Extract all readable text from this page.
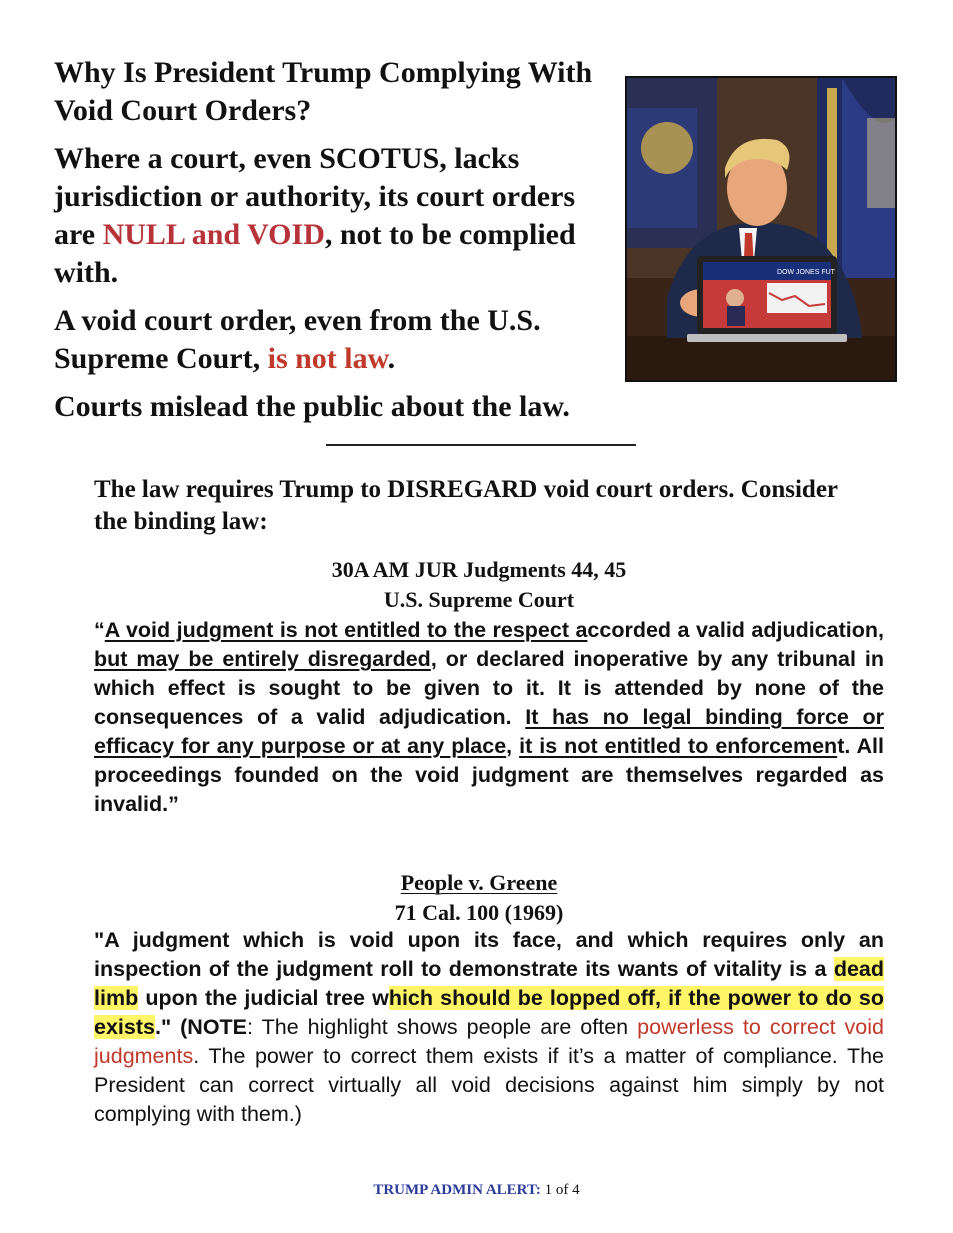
Why Is President Trump Complying With Void Court Orders?

Where a court, even SCOTUS, lacks jurisdiction or authority, its court orders are NULL and VOID, not to be complied with.

A void court order, even from the U.S. Supreme Court, is not law.

Courts mislead the public about the law.

DOW JONES FUT
The law requires Trump to DISREGARD void court orders. Consider the binding law:
30A AM JUR Judgments 44, 45
U.S. Supreme Court
“A void judgment is not entitled to the respect accorded a valid adjudication, but may be entirely disregarded, or declared inoperative by any tribunal in which effect is sought to be given to it. It is attended by none of the consequences of a valid adjudication. It has no legal binding force or efficacy for any purpose or at any place, it is not entitled to enforcement. All proceedings founded on the void judgment are themselves regarded as invalid.”
People v. Greene
71 Cal. 100 (1969)
"A judgment which is void upon its face, and which requires only an inspection of the judgment roll to demonstrate its wants of vitality is a dead limb upon the judicial tree which should be lopped off, if the power to do so exists." (NOTE: The highlight shows people are often powerless to correct void judgments. The power to correct them exists if it’s a matter of compliance. The President can correct virtually all void decisions against him simply by not complying with them.)
TRUMP ADMIN ALERT: 1 of 4
